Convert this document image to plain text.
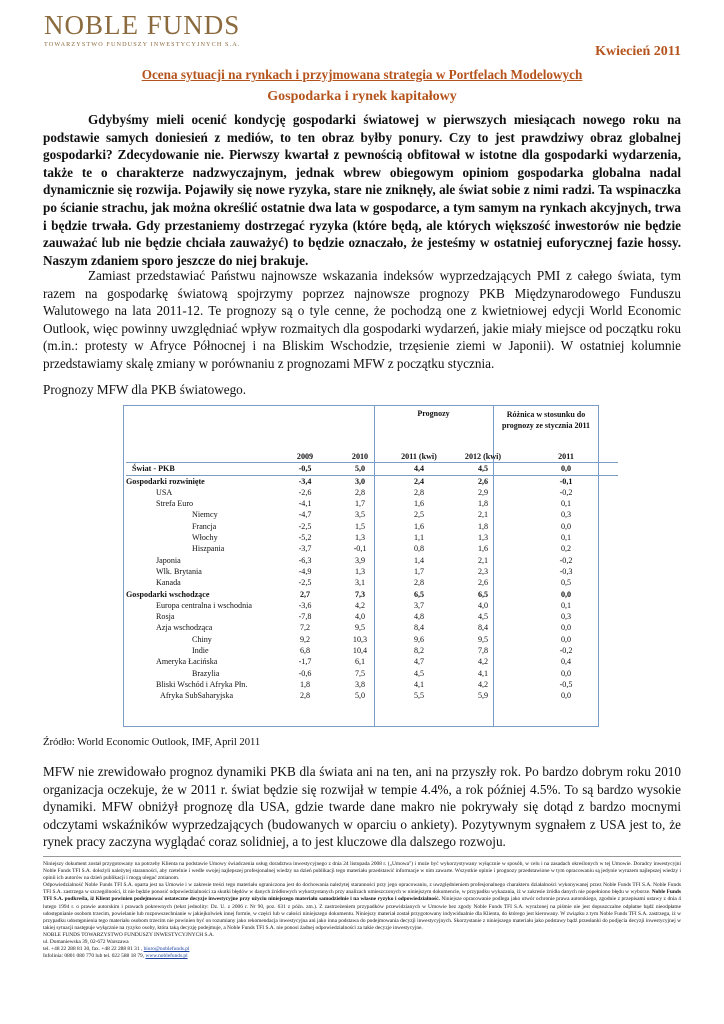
NOBLE FUNDS
TOWARZYSTWO FUNDUSZY INWESTYCYJNYCH S.A.	Kwiecień 2011
Ocena sytuacji na rynkach i przyjmowana strategia w Portfelach Modelowych
Gospodarka i rynek kapitałowy

Gdybyśmy mieli ocenić kondycję gospodarki światowej w pierwszych miesiącach nowego roku na podstawie samych doniesień z mediów, to ten obraz byłby ponury. Czy to jest prawdziwy obraz globalnej gospodarki? Zdecydowanie nie. Pierwszy kwartał z pewnością obfitował w istotne dla gospodarki wydarzenia, także te o charakterze nadzwyczajnym, jednak wbrew obiegowym opiniom gospodarka globalna nadal dynamicznie się rozwija. Pojawiły się nowe ryzyka, stare nie zniknęły, ale świat sobie z nimi radzi. Ta wspinaczka po ścianie strachu, jak można określić ostatnie dwa lata w gospodarce, a tym samym na rynkach akcyjnych, trwa i będzie trwała. Gdy przestaniemy dostrzegać ryzyka (które będą, ale których większość inwestorów nie będzie zauważać lub nie będzie chciała zauważyć) to będzie oznaczało, że jesteśmy w ostatniej euforycznej fazie hossy. Naszym zdaniem sporo jeszcze do niej brakuje.

Zamiast przedstawiać Państwu najnowsze wskazania indeksów wyprzedzających PMI z całego świata, tym razem na gospodarkę światową spojrzymy poprzez najnowsze prognozy PKB Międzynarodowego Funduszu Walutowego na lata 2011-12. Te prognozy są o tyle cenne, że pochodzą one z kwietniowej edycji World Economic Outlook, więc powinny uwzględniać wpływ rozmaitych dla gospodarki wydarzeń, jakie miały miejsce od początku roku (m.in.: protesty w Afryce Północnej i na Bliskim Wschodzie, trzęsienie ziemi w Japonii). W ostatniej kolumnie przedstawiamy skalę zmiany w porównaniu z prognozami MFW z początku stycznia.

Prognozy MFW dla PKB światowego.
Prognozy	Różnica w stosunku do prognozy ze stycznia 2011
	2009	2010	2011 (kwi)	2012 (kwi)	2011
Świat - PKB	-0,5	5,0	4,4	4,5	0,0
Gospodarki rozwinięte	-3,4	3,0	2,4	2,6	-0,1
USA	-2,6	2,8	2,8	2,9	-0,2
Strefa Euro	-4,1	1,7	1,6	1,8	0,1
Niemcy	-4,7	3,5	2,5	2,1	0,3
Francja	-2,5	1,5	1,6	1,8	0,0
Włochy	-5,2	1,3	1,1	1,3	0,1
Hiszpania	-3,7	-0,1	0,8	1,6	0,2
Japonia	-6,3	3,9	1,4	2,1	-0,2
Wlk. Brytania	-4,9	1,3	1,7	2,3	-0,3
Kanada	-2,5	3,1	2,8	2,6	0,5
Gospodarki wschodzące	2,7	7,3	6,5	6,5	0,0
Europa centralna i wschodnia	-3,6	4,2	3,7	4,0	0,1
Rosja	-7,8	4,0	4,8	4,5	0,3
Azja wschodząca	7,2	9,5	8,4	8,4	0,0
Chiny	9,2	10,3	9,6	9,5	0,0
Indie	6,8	10,4	8,2	7,8	-0,2
Ameryka Łacińska	-1,7	6,1	4,7	4,2	0,4
Brazylia	-0,6	7,5	4,5	4,1	0,0
Bliski Wschód i Afryka Płn.	1,8	3,8	4,1	4,2	-0,5
Afryka SubSaharyjska	2,8	5,0	5,5	5,9	0,0
Źródło: World Economic Outlook, IMF, April 2011

MFW nie zrewidowało prognoz dynamiki PKB dla świata ani na ten, ani na przyszły rok. Po bardzo dobrym roku 2010 organizacja oczekuje, że w 2011 r. świat będzie się rozwijał w tempie 4.4%, a rok później 4.5%. To są bardzo wysokie dynamiki. MFW obniżył prognozę dla USA, gdzie twarde dane makro nie pokrywały się dotąd z bardzo mocnymi odczytami wskaźników wyprzedzających (budowanych w oparciu o ankiety). Pozytywnym sygnałem z USA jest to, że rynek pracy zaczyna wyglądać coraz solidniej, a to jest kluczowe dla dalszego rozwoju.

Niniejszy dokument został przygotowany na potrzeby Klienta na podstawie Umowy świadczenia usług doradztwa inwestycyjnego z dnia 24 listopada 2008 r. („Umowa") i może być wykorzystywany wyłącznie w sposób, w celu i na zasadach określonych w tej Umowie. Doradcy inwestycyjni Noble Funds TFI S.A. dołożyli należytej staranności, aby rzetelnie i wedle swojej najlepszej profesjonalnej wiedzy na dzień publikacji tego materiału przedstawić informacje w nim zawarte. Wszystkie opinie i prognozy przedstawione w tym opracowaniu są jedynie wyrazem najlepszej wiedzy i opinii ich autorów na dzień publikacji i mogą ulegać zmianom.
Odpowiedzialność Noble Funds TFI S.A. oparta jest na Umowie i w zakresie treści tego materiału ograniczona jest do dochowania należytej staranności przy jego opracowaniu, z uwzględnieniem profesjonalnego charakteru działalności wykonywanej przez Noble Funds TFI S.A. Noble Funds TFI S.A. zastrzega w szczególności, iż nie będzie ponosić odpowiedzialności za skutki błędów w danych źródłowych wykorzystanych przy analizach umieszczonych w niniejszym dokumencie, w przypadku wykazania, iż w zakresie źródła danych nie popełniono błędu w wyborze. Noble Funds TFI S.A. podkreśla, iż Klient powinien podejmować ostateczne decyzje inwestycyjne przy użyciu niniejszego materiału samodzielnie i na własne ryzyko i odpowiedzialność. Niniejsze opracowanie podlega jako utwór ochronie prawa autorskiego, zgodnie z przepisami ustawy z dnia 4 lutego 1994 r. o prawie autorskim i prawach pokrewnych (tekst jednolity: Dz. U. z 2006 r. Nr 90, poz. 631 z późn. zm.). Z zastrzeżeniem przypadków przewidzianych w Umowie bez zgody Noble Funds TFI S.A. wyrażonej na piśmie nie jest dopuszczalne odpłatne bądź nieodpłatne udostępnianie osobom trzecim, powielanie lub rozpowszechnianie w jakiejkolwiek innej formie, w części lub w całości niniejszego dokumentu. Niniejszy materiał został przygotowany indywidualnie dla Klienta, do którego jest kierowany. W związku z tym Noble Funds TFI S.A. zastrzega, iż w przypadku udostępnienia tego materiału osobom trzecim nie powinien być on rozumiany jako rekomendacja inwestycyjna ani jako inna podstawa do podejmowania decyzji inwestycyjnych. Skorzystanie z niniejszego materiału jako podstawy bądź przesłanki do podjęcia decyzji inwestycyjnej w takiej sytuacji następuje wyłącznie na ryzyko osoby, która taką decyzję podejmuje, a Noble Funds TFI S.A. nie ponosi żadnej odpowiedzialności za takie decyzje inwestycyjne.
NOBLE FUNDS TOWARZYSTWO FUNDUSZY INWESTYCYJNYCH S.A.
ul. Domaniewska 39, 02-672 Warszawa
tel. +48 22 288 81 30, fax. +48 22 288 81 31 , biuro@noblefunds.pl
Infolinia: 0801 080 770 lub tel. 022 588 18 79, www.noblefunds.pl
